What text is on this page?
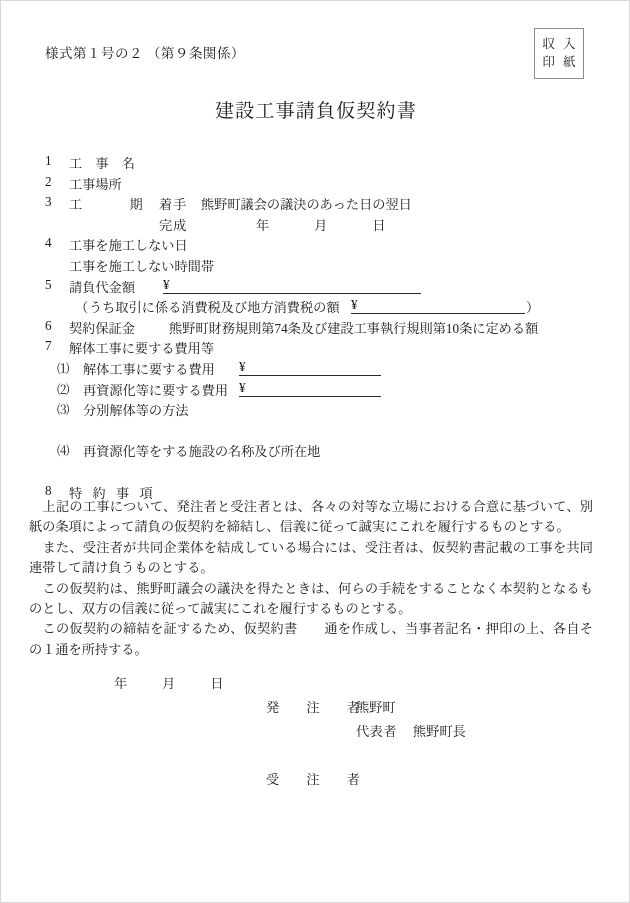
様式第１号の２ （第９条関係）
収 入
印 紙
建設工事請負仮契約書
1 工　事　名
2 工事場所
3 工　　期 着手 熊野町議会の議決のあった日の翌日
完成	年月日
4 工事を施工しない日
工事を施工しない時間帯
5 請負代金額 ¥
（ うち取引に係る消費税及び地方消費税の額 ¥	）
6 契約保証金	熊野町財務規則第74条及び建設工事執行規則第10条に定める額
7 解体工事に要する費用等
⑴ 解体工事に要する費用 ¥
⑵ 再資源化等に要する費用 ¥
⑶ 分別解体等の方法
⑷ 再資源化等をする施設の名称及び所在地
8 特 約 事 項

上記の工事について、発注者と受注者とは、各々の対等な立場における合意に基づいて、別紙の条項によって請負の仮契約を締結し、信義に従って誠実にこれを履行するものとする。

また、受注者が共同企業体を結成している場合には、受注者は、仮契約書記載の工事を共同連帯して請け負うものとする。

この仮契約は、熊野町議会の議決を得たときは、何らの手続をすることなく本契約となるものとし、双方の信義に従って誠実にこれを履行するものとする。

この仮契約の締結を証するため、仮契約書　　通を作成し、当事者記名・押印の上、各自その１通を所持する。

年月日
発　注　者
熊野町
代表者 熊野町長
受　注　者
